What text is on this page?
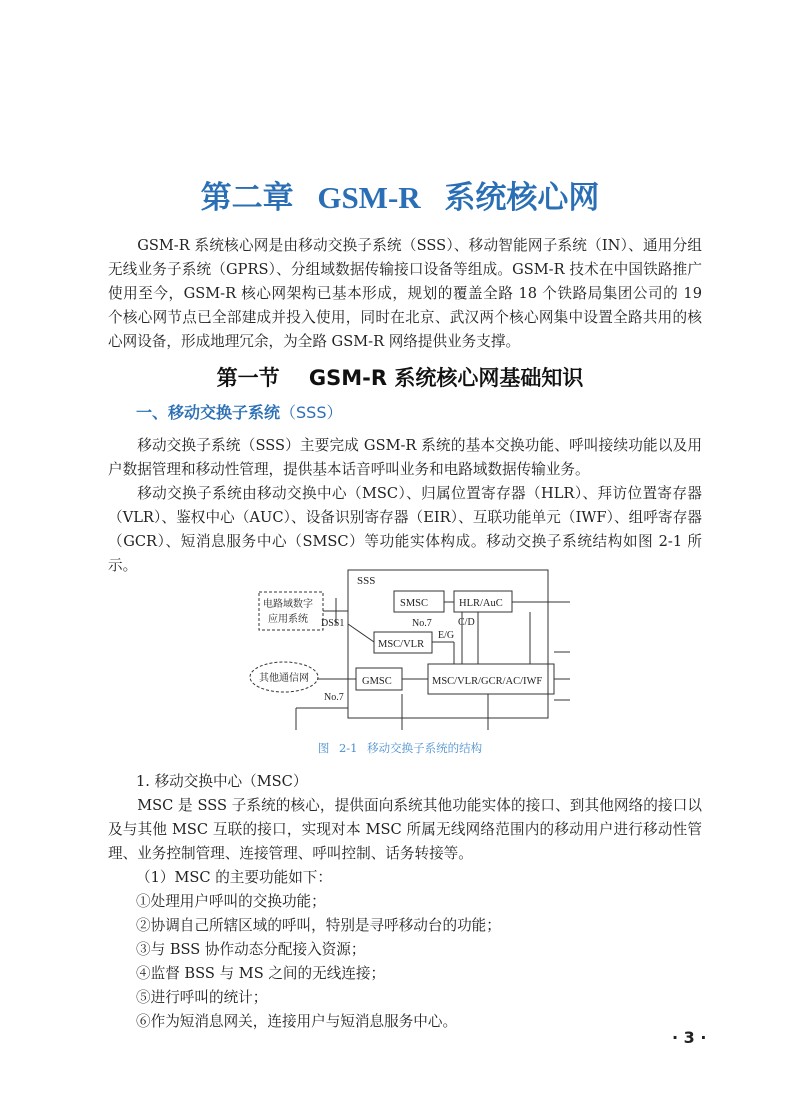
第二章 GSM-R 系统核心网

GSM-R 系统核心网是由移动交换子系统（SSS）、移动智能网子系统（IN）、通用分组无线业务子系统（GPRS）、分组域数据传输接口设备等组成。GSM-R 技术在中国铁路推广使用至今，GSM-R 核心网架构已基本形成，规划的覆盖全路 18 个铁路局集团公司的 19 个核心网节点已全部建成并投入使用，同时在北京、武汉两个核心网集中设置全路共用的核心网设备，形成地理冗余，为全路 GSM-R 网络提供业务支撑。

第一节 GSM-R 系统核心网基础知识
一、移动交换子系统（SSS）

移动交换子系统（SSS）主要完成 GSM-R 系统的基本交换功能、呼叫接续功能以及用户数据管理和移动性管理，提供基本话音呼叫业务和电路域数据传输业务。

移动交换子系统由移动交换中心（MSC）、归属位置寄存器（HLR）、拜访位置寄存器（VLR）、鉴权中心（AUC）、设备识别寄存器（EIR）、互联功能单元（IWF）、组呼寄存器（GCR）、短消息服务中心（SMSC）等功能实体构成。移动交换子系统结构如图 2-1 所示。

SSS
SMSC	HLR/AuC
MSC/VLR
GMSC	MSC/VLR/GCR/AC/IWF
No.7	C/D
E/G
DSS1
No.7
电路域数字
应用系统
其他通信网
图 2-1 移动交换子系统的结构
1. 移动交换中心（MSC）

MSC 是 SSS 子系统的核心，提供面向系统其他功能实体的接口、到其他网络的接口以及与其他 MSC 互联的接口，实现对本 MSC 所属无线网络范围内的移动用户进行移动性管理、业务控制管理、连接管理、呼叫控制、话务转接等。

（1）MSC 的主要功能如下：
①处理用户呼叫的交换功能；
②协调自己所辖区域的呼叫，特别是寻呼移动台的功能；
③与 BSS 协作动态分配接入资源；
④监督 BSS 与 MS 之间的无线连接；
⑤进行呼叫的统计；
⑥作为短消息网关，连接用户与短消息服务中心。
· 3 ·
